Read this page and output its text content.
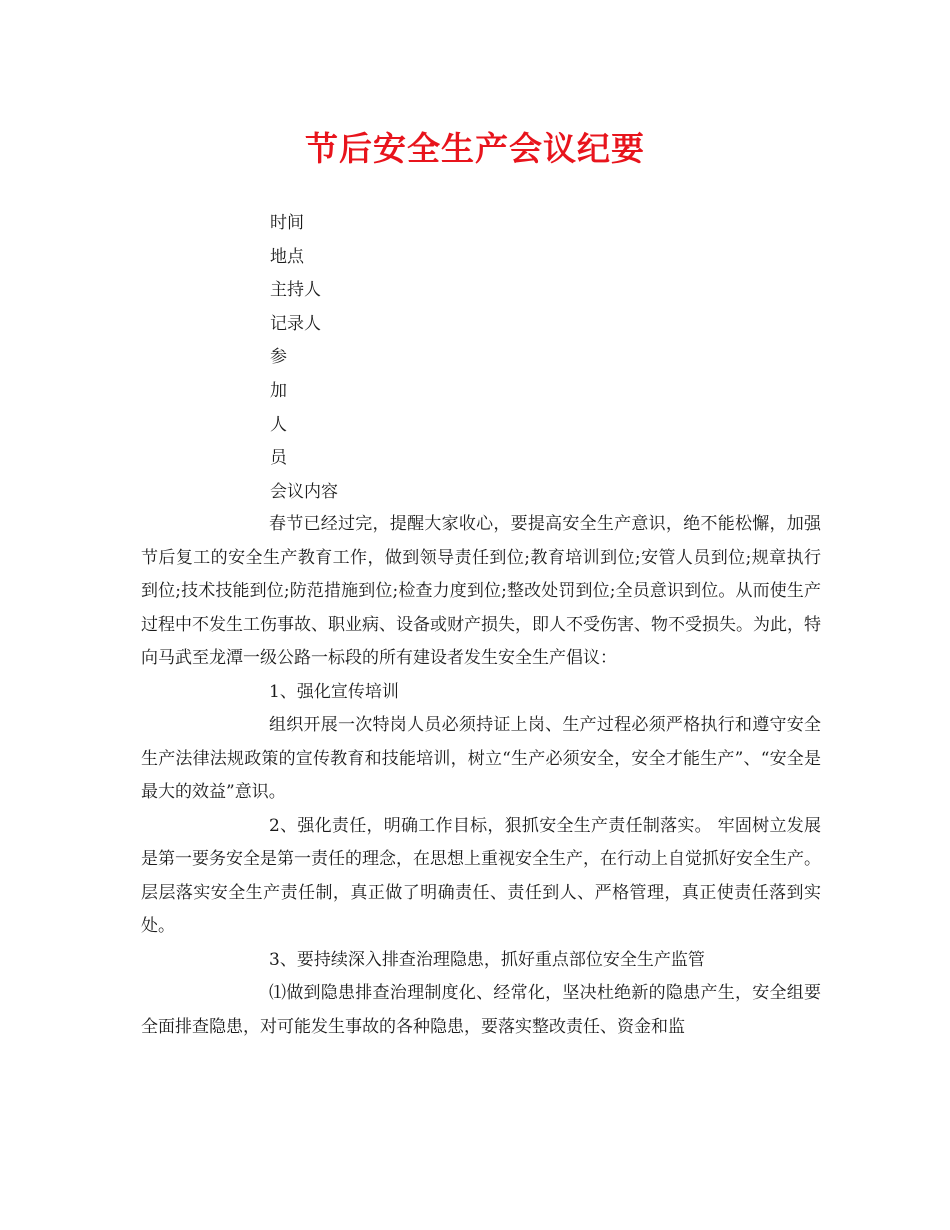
节后安全生产会议纪要
时间
地点
主持人
记录人
参
加
人
员
会议内容

春节已经过完，提醒大家收心，要提高安全生产意识，绝不能松懈，加强节后复工的安全生产教育工作，做到领导责任到位;教育培训到位;安管人员到位;规章执行到位;技术技能到位;防范措施到位;检查力度到位;整改处罚到位;全员意识到位。从而使生产过程中不发生工伤事故、职业病、设备或财产损失，即人不受伤害、物不受损失。为此，特向马武至龙潭一级公路一标段的所有建设者发生安全生产倡议：

1、强化宣传培训

组织开展一次特岗人员必须持证上岗、生产过程必须严格执行和遵守安全生产法律法规政策的宣传教育和技能培训，树立“生产必须安全，安全才能生产”、“安全是最大的效益”意识。

2、强化责任，明确工作目标，狠抓安全生产责任制落实。 牢固树立发展是第一要务安全是第一责任的理念，在思想上重视安全生产，在行动上自觉抓好安全生产。层层落实安全生产责任制，真正做了明确责任、责任到人、严格管理，真正使责任落到实处。

3、要持续深入排查治理隐患，抓好重点部位安全生产监管

⑴做到隐患排查治理制度化、经常化，坚决杜绝新的隐患产生，安全组要全面排查隐患，对可能发生事故的各种隐患，要落实整改责任、资金和监
